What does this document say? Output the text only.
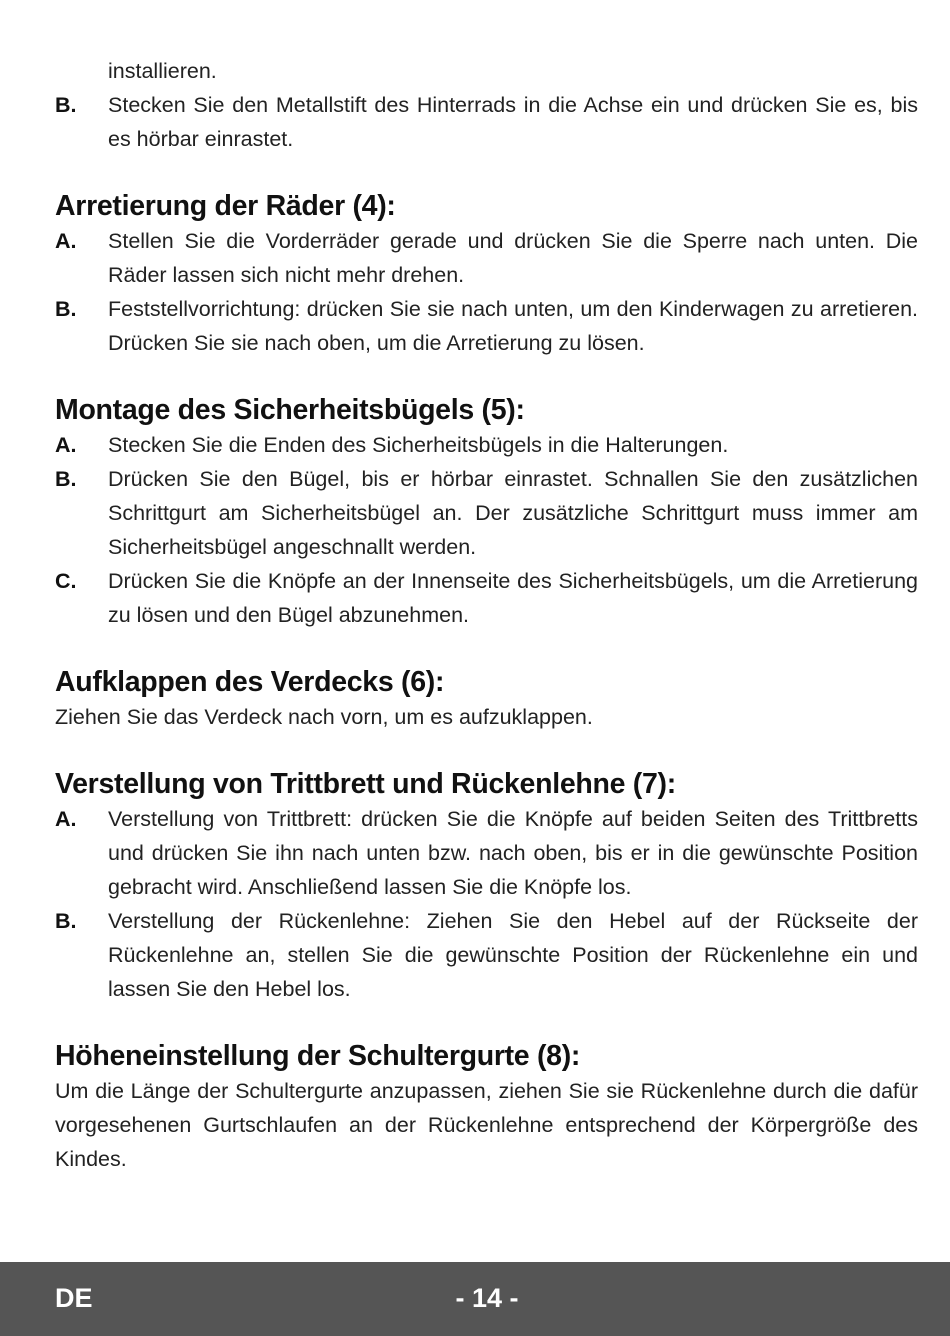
installieren.
B.	Stecken Sie den Metallstift des Hinterrads in die Achse ein und drücken Sie es, bis es hörbar einrastet.
Arretierung der Räder (4):
A.	Stellen Sie die Vorderräder gerade und drücken Sie die Sperre nach unten. Die Räder lassen sich nicht mehr drehen.
B.	Feststellvorrichtung: drücken Sie sie nach unten, um den Kinderwagen zu arretieren. Drücken Sie sie nach oben, um die Arretierung zu lösen.
Montage des Sicherheitsbügels (5):
A.	Stecken Sie die Enden des Sicherheitsbügels in die Halterungen.
B.	Drücken Sie den Bügel, bis er hörbar einrastet. Schnallen Sie den zusätzlichen Schrittgurt am Sicherheitsbügel an. Der zusätzliche Schrittgurt muss immer am Sicherheitsbügel angeschnallt werden.
C.	Drücken Sie die Knöpfe an der Innenseite des Sicherheitsbügels, um die Arretierung zu lösen und den Bügel abzunehmen.
Aufklappen des Verdecks (6):
Ziehen Sie das Verdeck nach vorn, um es aufzuklappen.
Verstellung von Trittbrett und Rückenlehne (7):
A.	Verstellung von Trittbrett: drücken Sie die Knöpfe auf beiden Seiten des Trittbretts und drücken Sie ihn nach unten bzw. nach oben, bis er in die gewünschte Position gebracht wird. Anschließend lassen Sie die Knöpfe los.
B.	Verstellung der Rückenlehne: Ziehen Sie den Hebel auf der Rückseite der Rückenlehne an, stellen Sie die gewünschte Position der Rückenlehne ein und lassen Sie den Hebel los.
Höheneinstellung der Schultergurte (8):
Um die Länge der Schultergurte anzupassen, ziehen Sie sie Rückenlehne durch die dafür vorgesehenen Gurtschlaufen an der Rückenlehne entsprechend der Körpergröße des Kindes.
DE	- 14 -
